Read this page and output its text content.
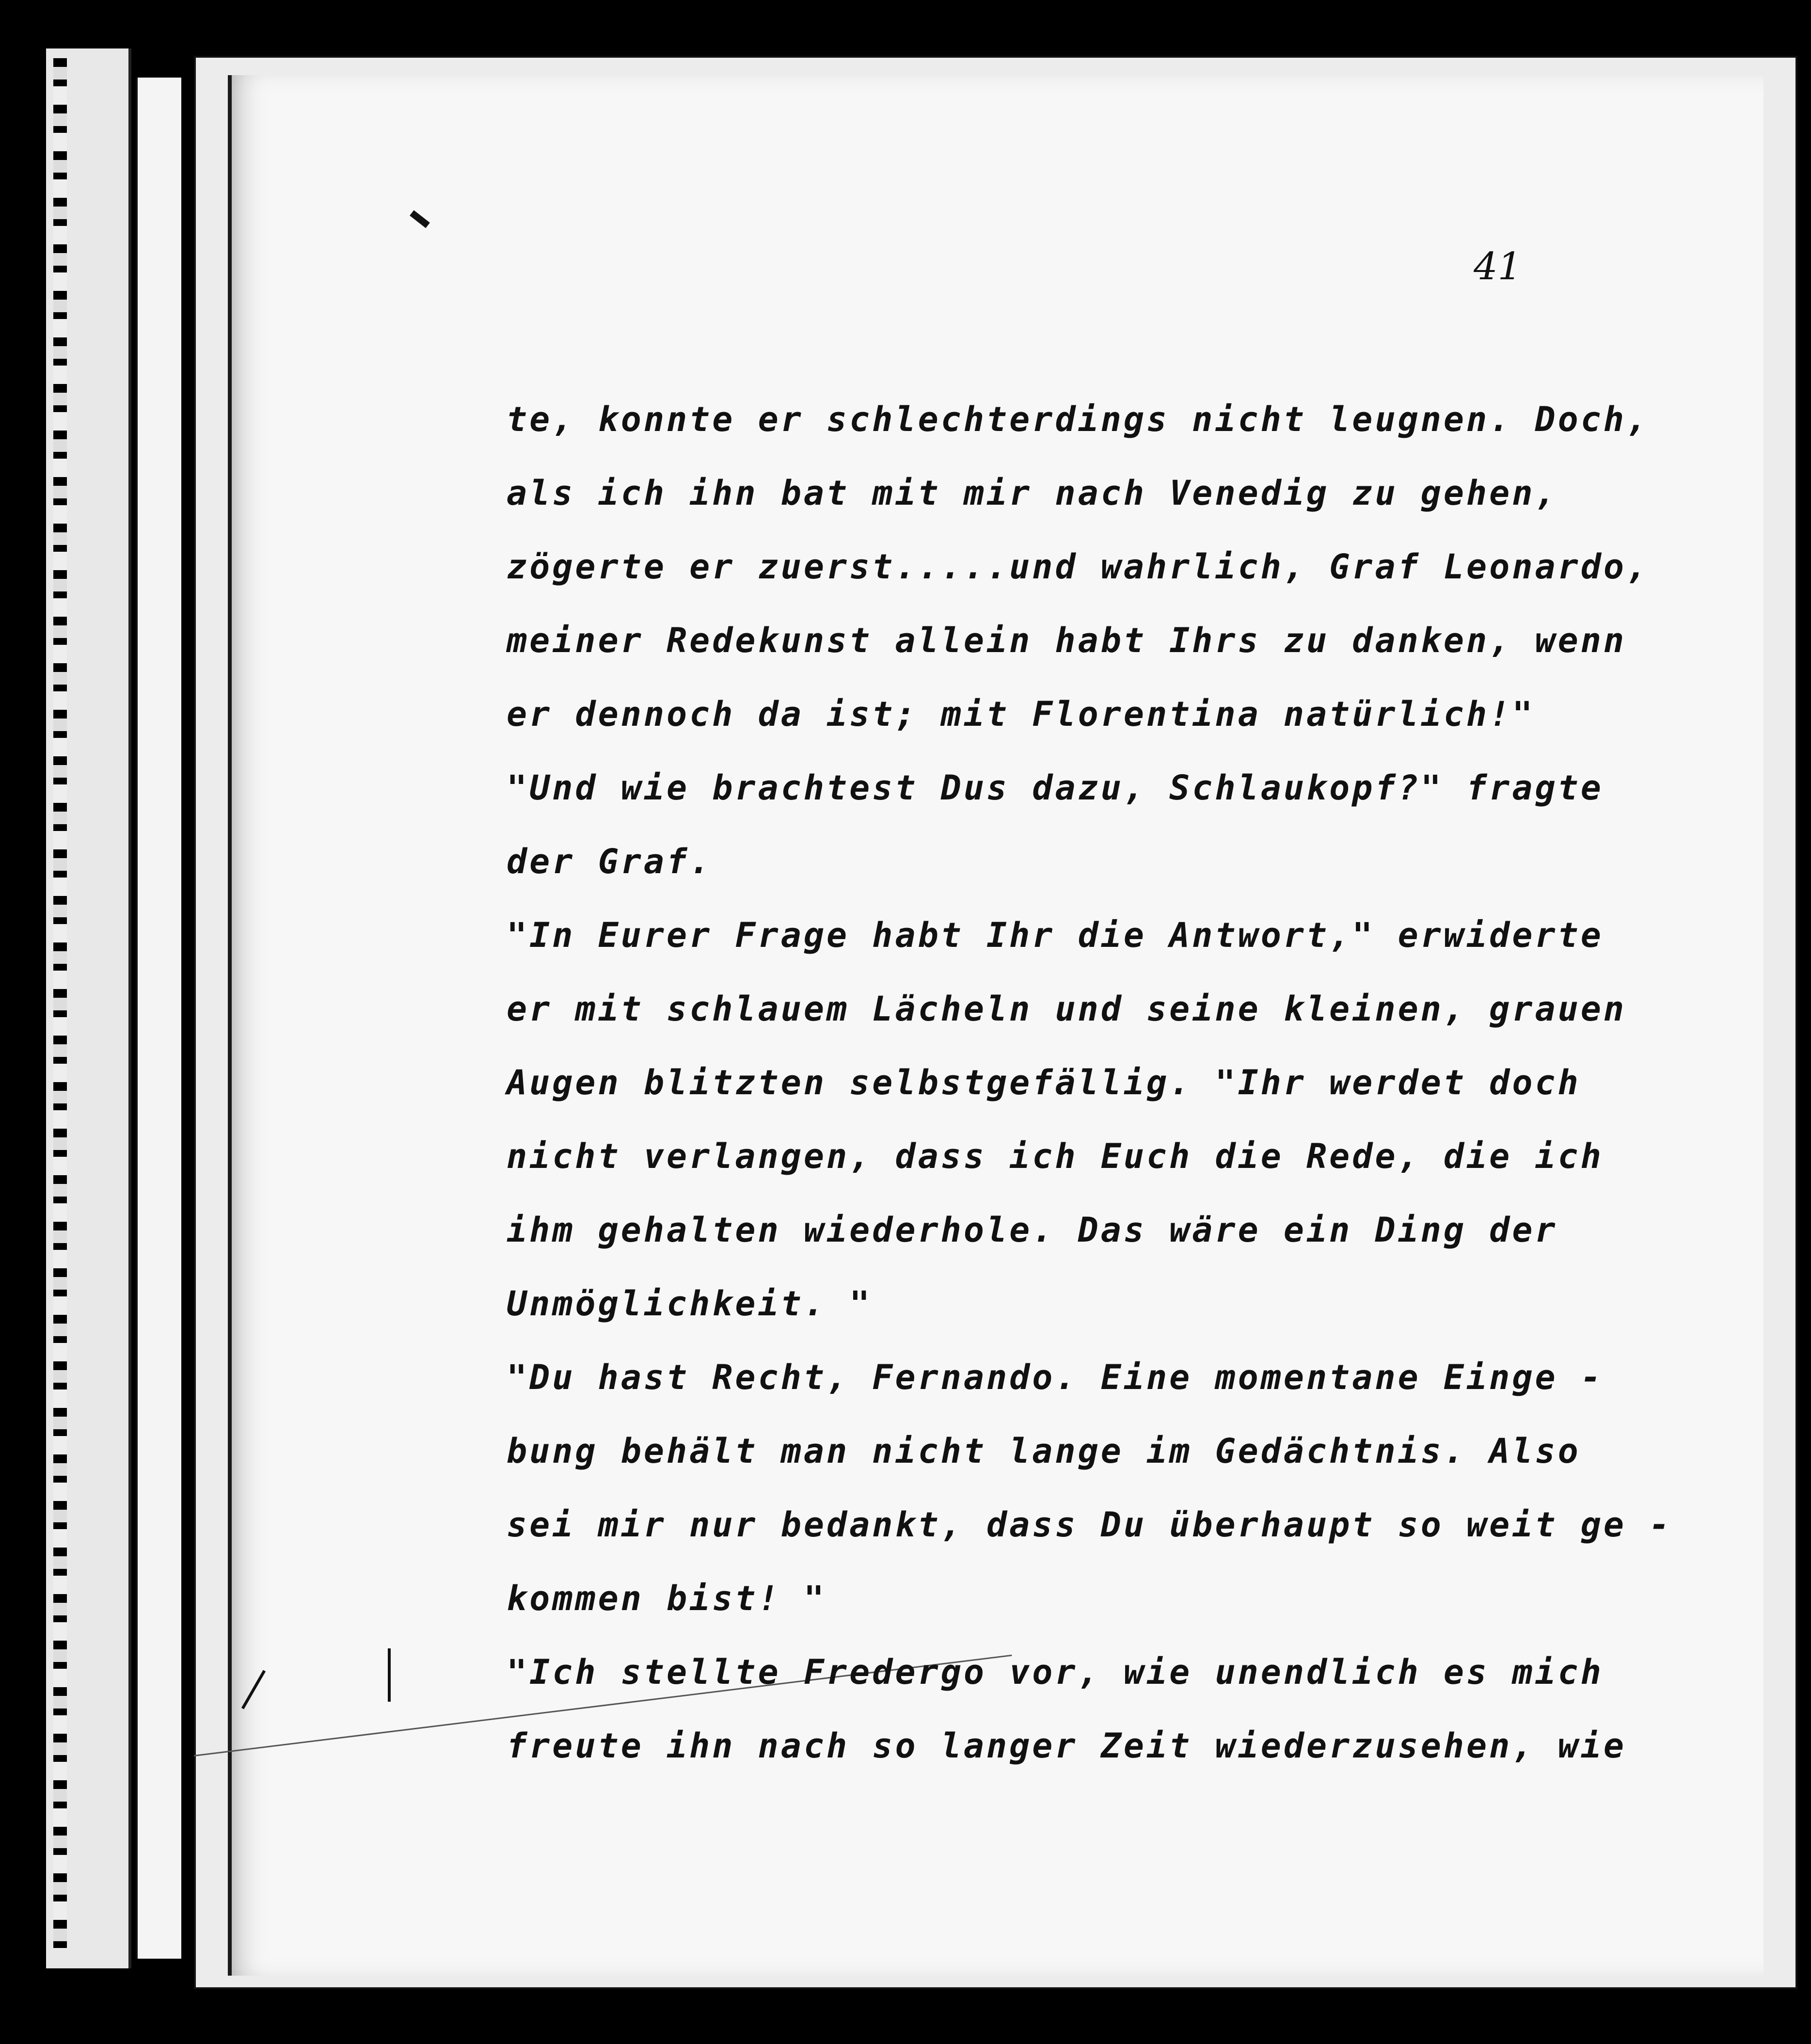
41
te, konnte er schlechterdings nicht leugnen. Doch,
als ich ihn bat mit mir nach Venedig zu gehen,
zögerte er zuerst.....und wahrlich, Graf Leonardo,
meiner Redekunst allein habt Ihrs zu danken, wenn
er dennoch da ist; mit Florentina natürlich!"
"Und wie brachtest Dus dazu, Schlaukopf?" fragte
der Graf.
"In Eurer Frage habt Ihr die Antwort," erwiderte
er mit schlauem Lächeln und seine kleinen, grauen
Augen blitzten selbstgefällig. "Ihr werdet doch
nicht verlangen, dass ich Euch die Rede, die ich
ihm gehalten wiederhole. Das wäre ein Ding der
Unmöglichkeit. "
"Du hast Recht, Fernando. Eine momentane Einge -
bung behält man nicht lange im Gedächtnis. Also
sei mir nur bedankt, dass Du überhaupt so weit ge -
kommen bist! "
"Ich stellte Fredergo vor, wie unendlich es mich
freute ihn nach so langer Zeit wiederzusehen, wie
